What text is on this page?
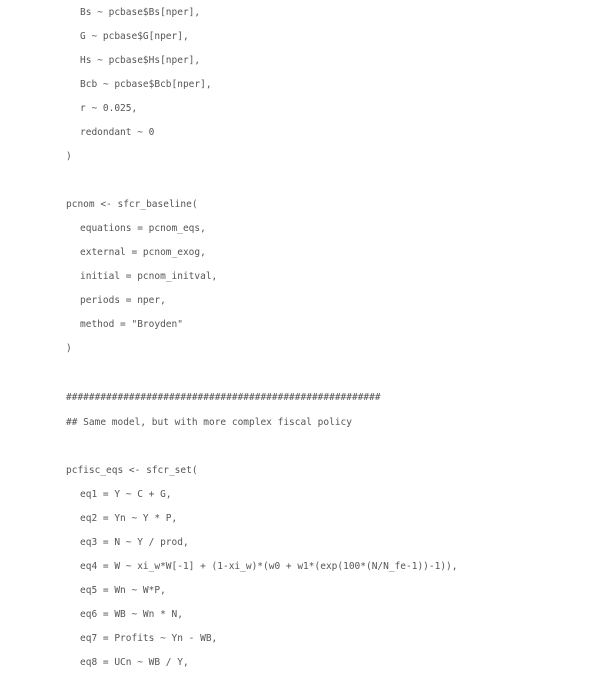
Bs ~ pcbase$Bs[nper],
G ~ pcbase$G[nper],
Hs ~ pcbase$Hs[nper],
Bcb ~ pcbase$Bcb[nper],
r ~ 0.025,
redondant ~ 0
)
pcnom <- sfcr_baseline(
equations = pcnom_eqs,
external = pcnom_exog,
initial = pcnom_initval,
periods = nper,
method = "Broyden"
)
#######################################################
## Same model, but with more complex fiscal policy
pcfisc_eqs <- sfcr_set(
eq1 = Y ~ C + G,
eq2 = Yn ~ Y * P,
eq3 = N ~ Y / prod,
eq4 = W ~ xi_w*W[-1] + (1-xi_w)*(w0 + w1*(exp(100*(N/N_fe-1))-1)),
eq5 = Wn ~ W*P,
eq6 = WB ~ Wn * N,
eq7 = Profits ~ Yn - WB,
eq8 = UCn ~ WB / Y,
